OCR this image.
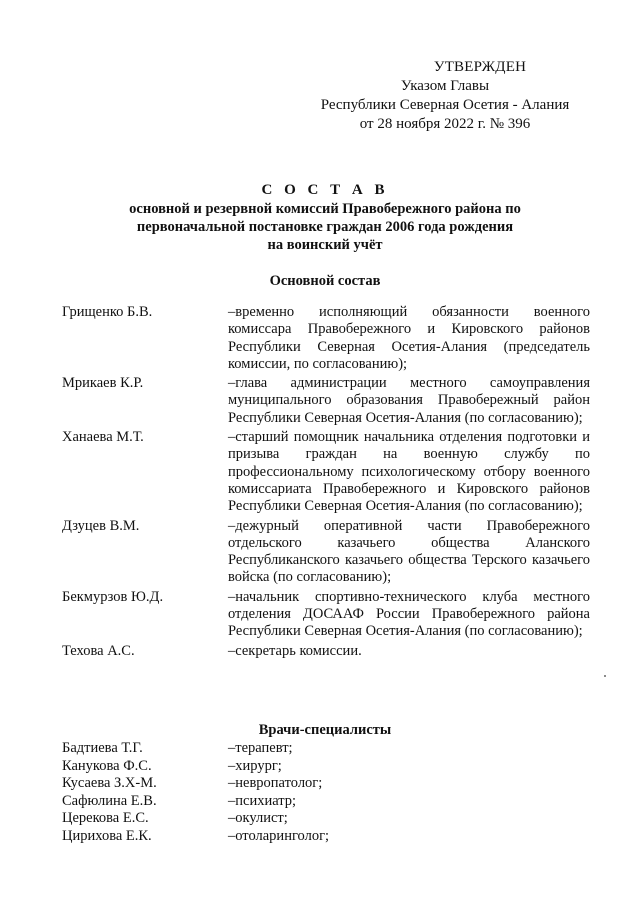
УТВЕРЖДЕН
Указом Главы
Республики Северная Осетия - Алания
от 28 ноября 2022 г. № 396
С О С Т А В
основной и резервной комиссий Правобережного района по
первоначальной постановке граждан 2006 года рождения
на воинский учёт
Основной состав
Грищенко Б.В.	–временно исполняющий обязанности военного комиссара Правобережного и Кировского районов Республики Северная Осетия-Алания (председатель комиссии, по согласованию);
Мрикаев К.Р.	–глава администрации местного самоуправления муниципального образования Правобережный район Республики Северная Осетия-Алания (по согласованию);
Ханаева М.Т.	–старший помощник начальника отделения подготовки и призыва граждан на военную службу по профессиональному психологическому отбору военного комиссариата Правобережного и Кировского районов Республики Северная Осетия-Алания (по согласованию);
Дзуцев В.М.	–дежурный оперативной части Правобережного отдельского казачьего общества Аланского Республиканского казачьего общества Терского казачьего войска (по согласованию);
Бекмурзов Ю.Д.	–начальник спортивно-технического клуба местного отделения ДОСААФ России Правобережного района Республики Северная Осетия-Алания (по согласованию);
Техова А.С.	–секретарь комиссии.
Врачи-специалисты
Бадтиева Т.Г.	–терапевт;
Канукова Ф.С.	–хирург;
Кусаева З.Х-М.	–невропатолог;
Сафюлина Е.В.	–психиатр;
Церекова Е.С.	–окулист;
Цирихова Е.К.	–отоларинголог;
